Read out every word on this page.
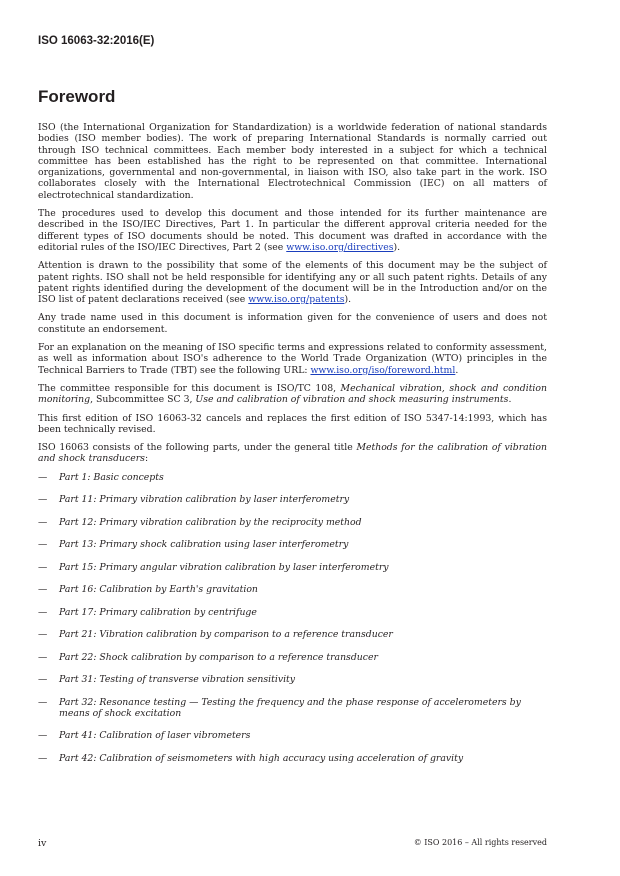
ISO 16063-32:2016(E)
Foreword

ISO (the International Organization for Standardization) is a worldwide federation of national standards bodies (ISO member bodies). The work of preparing International Standards is normally carried out through ISO technical committees. Each member body interested in a subject for which a technical committee has been established has the right to be represented on that committee. International organizations, governmental and non-governmental, in liaison with ISO, also take part in the work. ISO collaborates closely with the International Electrotechnical Commission (IEC) on all matters of electrotechnical standardization.

The procedures used to develop this document and those intended for its further maintenance are described in the ISO/IEC Directives, Part 1. In particular the different approval criteria needed for the different types of ISO documents should be noted. This document was drafted in accordance with the editorial rules of the ISO/IEC Directives, Part 2 (see www.iso.org/directives).

Attention is drawn to the possibility that some of the elements of this document may be the subject of patent rights. ISO shall not be held responsible for identifying any or all such patent rights. Details of any patent rights identified during the development of the document will be in the Introduction and/or on the ISO list of patent declarations received (see www.iso.org/patents).

Any trade name used in this document is information given for the convenience of users and does not constitute an endorsement.

For an explanation on the meaning of ISO specific terms and expressions related to conformity assessment, as well as information about ISO's adherence to the World Trade Organization (WTO) principles in the Technical Barriers to Trade (TBT) see the following URL: www.iso.org/iso/foreword.html.

The committee responsible for this document is ISO/TC 108, Mechanical vibration, shock and condition monitoring, Subcommittee SC 3, Use and calibration of vibration and shock measuring instruments.

This first edition of ISO 16063-32 cancels and replaces the first edition of ISO 5347-14:1993, which has been technically revised.

ISO 16063 consists of the following parts, under the general title Methods for the calibration of vibration and shock transducers:

—	Part 1: Basic concepts
—	Part 11: Primary vibration calibration by laser interferometry
—	Part 12: Primary vibration calibration by the reciprocity method
—	Part 13: Primary shock calibration using laser interferometry
—	Part 15: Primary angular vibration calibration by laser interferometry
—	Part 16: Calibration by Earth's gravitation
—	Part 17: Primary calibration by centrifuge
—	Part 21: Vibration calibration by comparison to a reference transducer
—	Part 22: Shock calibration by comparison to a reference transducer
—	Part 31: Testing of transverse vibration sensitivity
—	Part 32: Resonance testing — Testing the frequency and the phase response of accelerometers by means of shock excitation
—	Part 41: Calibration of laser vibrometers
—	Part 42: Calibration of seismometers with high accuracy using acceleration of gravity
iv	© ISO 2016 – All rights reserved
